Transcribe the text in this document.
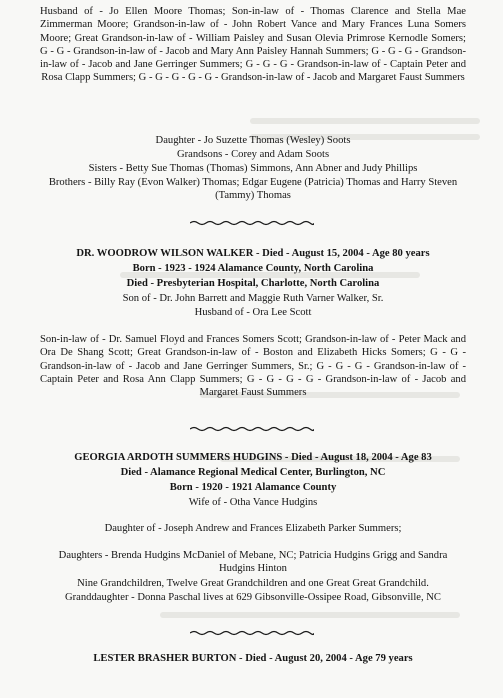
Husband of - Jo Ellen Moore Thomas; Son-in-law of - Thomas Clarence and Stella Mae Zimmerman Moore; Grandson-in-law of - John Robert Vance and Mary Frances Luna Somers Moore; Great Grandson-in-law of - William Paisley and Susan Olevia Primrose Kernodle Somers; G - G - Grandson-in-law of - Jacob and Mary Ann Paisley Hannah Summers; G - G - G - Grandson-in-law of - Jacob and Jane Gerringer Summers; G - G - G - Grandson-in-law of - Captain Peter and Rosa Clapp Summers; G - G - G - G - G - Grandson-in-law of - Jacob and Margaret Faust Summers

Daughter - Jo Suzette Thomas (Wesley) Soots

Grandsons - Corey and Adam Soots

Sisters - Betty Sue Thomas (Thomas) Simmons, Ann Abner and Judy Phillips

Brothers - Billy Ray (Evon Walker) Thomas; Edgar Eugene (Patricia) Thomas and Harry Steven (Tammy) Thomas

DR. WOODROW WILSON WALKER - Died - August 15, 2004 - Age 80 years

Born - 1923 - 1924 Alamance County, North Carolina

Died - Presbyterian Hospital, Charlotte, North Carolina

Son of - Dr. John Barrett and Maggie Ruth Varner Walker, Sr.

Husband of - Ora Lee Scott

Son-in-law of - Dr. Samuel Floyd and Frances Somers Scott; Grandson-in-law of - Peter Mack and Ora De Shang Scott; Great Grandson-in-law of - Boston and Elizabeth Hicks Somers; G - G - Grandson-in-law of - Jacob and Jane Gerringer Summers, Sr.; G - G - G - Grandson-in-law of - Captain Peter and Rosa Ann Clapp Summers; G - G - G - G - Grandson-in-law of - Jacob and Margaret Faust Summers

GEORGIA ARDOTH SUMMERS HUDGINS - Died - August 18, 2004 - Age 83

Died - Alamance Regional Medical Center, Burlington, NC

Born - 1920 - 1921 Alamance County

Wife of - Otha Vance Hudgins

Daughter of - Joseph Andrew and Frances Elizabeth Parker Summers;

Daughters - Brenda Hudgins McDaniel of Mebane, NC; Patricia Hudgins Grigg and Sandra Hudgins Hinton

Nine Grandchildren, Twelve Great Grandchildren and one Great Great Grandchild.

Granddaughter - Donna Paschal lives at 629 Gibsonville-Ossipee Road, Gibsonville, NC

LESTER BRASHER BURTON - Died - August 20, 2004 - Age 79 years
